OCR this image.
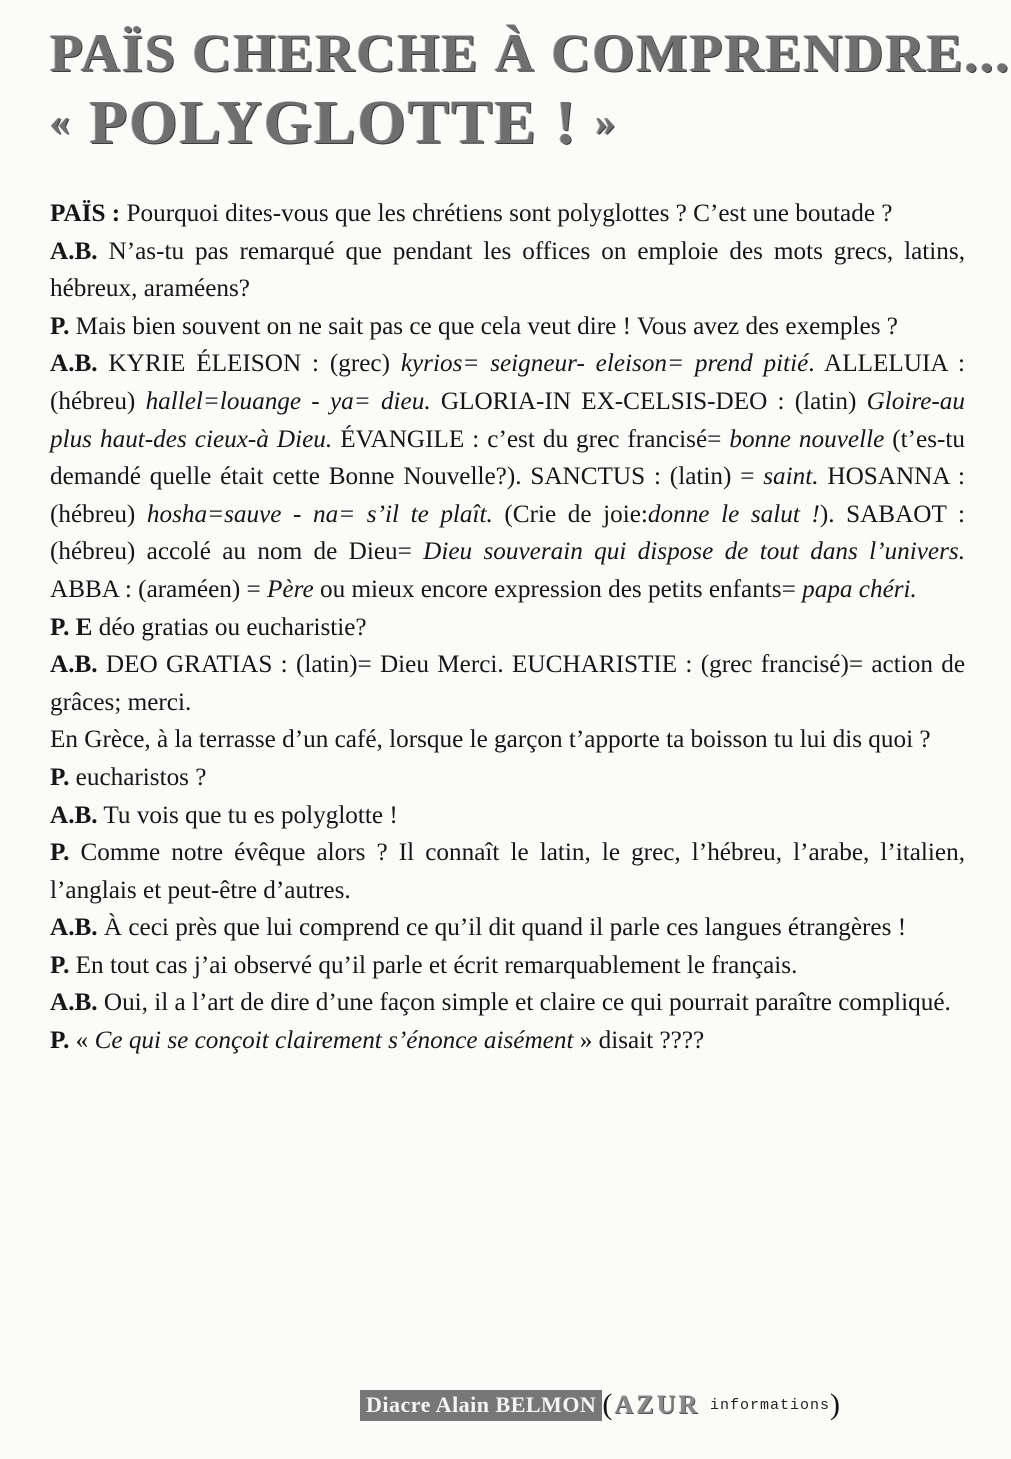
PAÏS CHERCHE À COMPRENDRE...
« POLYGLOTTE ! »

PAÏS : Pourquoi dites-vous que les chrétiens sont polyglottes ? C’est une boutade ?

A.B. N’as-tu pas remarqué que pendant les offices on emploie des mots grecs, latins, hébreux, araméens?

P. Mais bien souvent on ne sait pas ce que cela veut dire ! Vous avez des exemples ?

A.B. KYRIE ÉLEISON : (grec) kyrios= seigneur- eleison= prend pitié. ALLELUIA : (hébreu) hallel=louange - ya= dieu. GLORIA-IN EX-CELSIS-DEO : (latin) Gloire-au plus haut-des cieux-à Dieu. ÉVANGILE : c’est du grec francisé= bonne nouvelle (t’es-tu demandé quelle était cette Bonne Nouvelle?). SANCTUS : (latin) = saint. HOSANNA : (hébreu) hosha=sauve - na= s’il te plaît. (Crie de joie:donne le salut !). SABAOT : (hébreu) accolé au nom de Dieu= Dieu souverain qui dispose de tout dans l’univers. ABBA : (araméen) = Père ou mieux encore expression des petits enfants= papa chéri.

P. E déo gratias ou eucharistie?

A.B. DEO GRATIAS : (latin)= Dieu Merci. EUCHARISTIE : (grec francisé)= action de grâces; merci.

En Grèce, à la terrasse d’un café, lorsque le garçon t’apporte ta boisson tu lui dis quoi ?

P. eucharistos ?

A.B. Tu vois que tu es polyglotte !

P. Comme notre évêque alors ? Il connaît le latin, le grec, l’hébreu, l’arabe, l’italien, l’anglais et peut-être d’autres.

A.B. À ceci près que lui comprend ce qu’il dit quand il parle ces langues étrangères !

P. En tout cas j’ai observé qu’il parle et écrit remarquablement le français.

A.B. Oui, il a l’art de dire d’une façon simple et claire ce qui pourrait paraître compliqué.

P. « Ce qui se conçoit clairement s’énonce aisément » disait ????

Diacre Alain BELMON ( AZUR informations )
